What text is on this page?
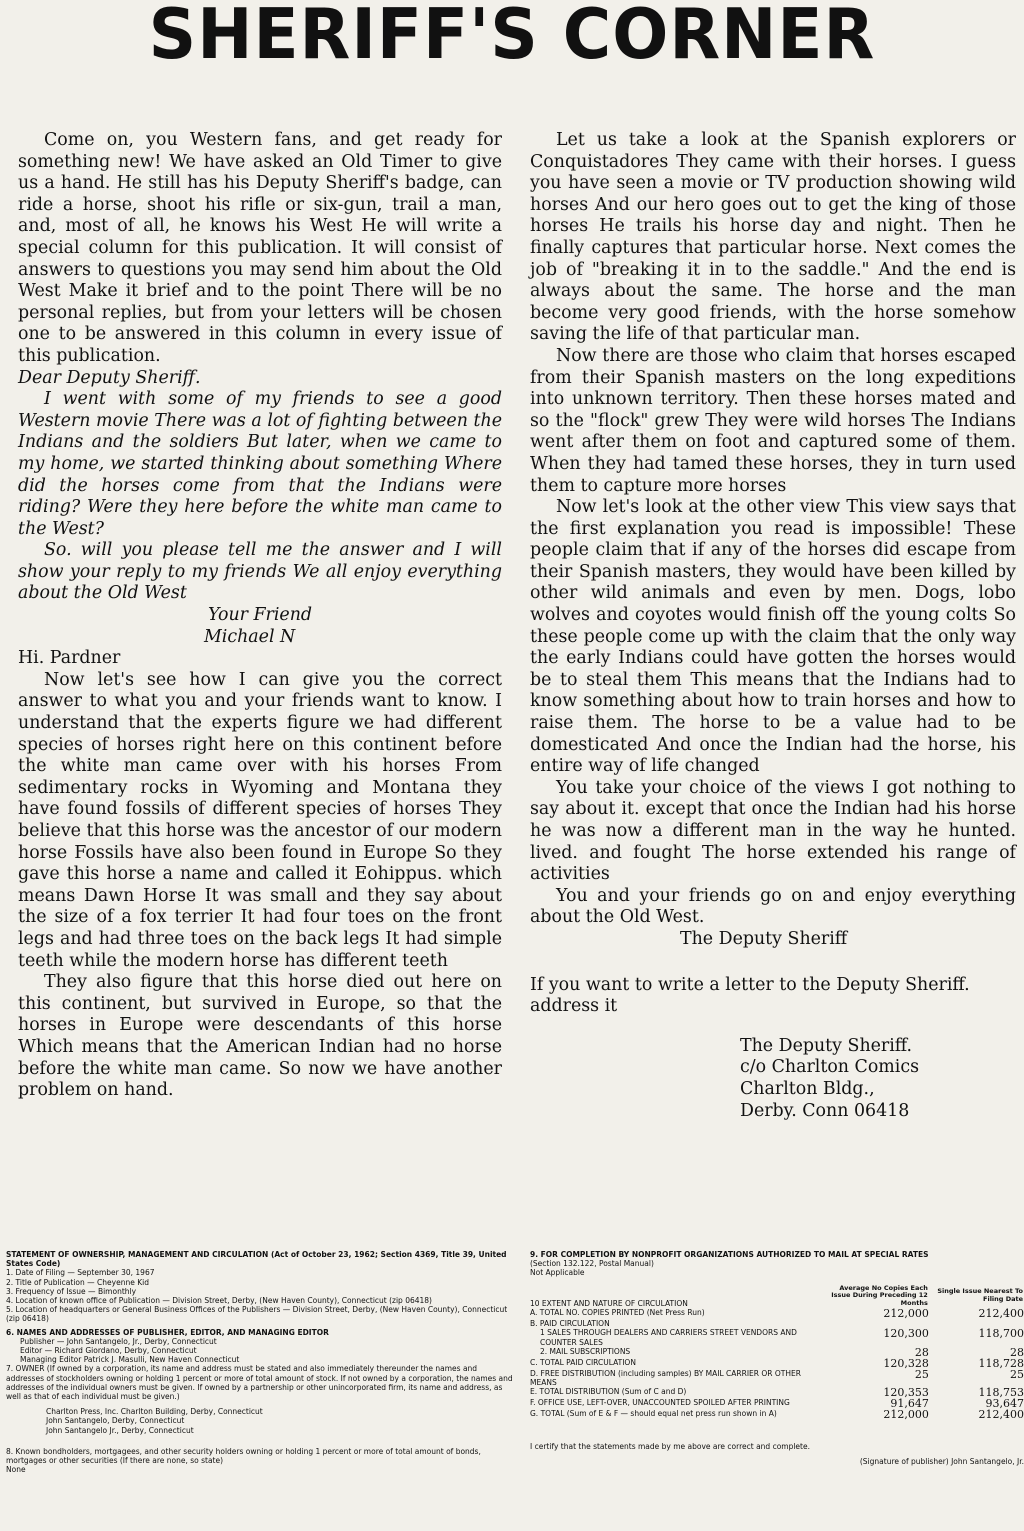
SHERIFF'S CORNER

Come on, you Western fans, and get ready for something new! We have asked an Old Timer to give us a hand. He still has his Deputy Sheriff's badge, can ride a horse, shoot his rifle or six-gun, trail a man, and, most of all, he knows his West He will write a special column for this publication. It will consist of answers to questions you may send him about the Old West Make it brief and to the point There will be no personal replies, but from your letters will be chosen one to be answered in this column in every issue of this publication.

Dear Deputy Sheriff.

I went with some of my friends to see a good Western movie There was a lot of fighting between the Indians and the soldiers But later, when we came to my home, we started thinking about something Where did the horses come from that the Indians were riding? Were they here before the white man came to the West?

So. will you please tell me the answer and I will show your reply to my friends We all enjoy everything about the Old West

Your Friend

Michael N

Hi. Pardner

Now let's see how I can give you the correct answer to what you and your friends want to know. I understand that the experts figure we had different species of horses right here on this continent before the white man came over with his horses From sedimentary rocks in Wyoming and Montana they have found fossils of different species of horses They believe that this horse was the ancestor of our modern horse Fossils have also been found in Europe So they gave this horse a name and called it Eohippus. which means Dawn Horse It was small and they say about the size of a fox terrier It had four toes on the front legs and had three toes on the back legs It had simple teeth while the modern horse has different teeth

They also figure that this horse died out here on this continent, but survived in Europe, so that the horses in Europe were descendants of this horse Which means that the American Indian had no horse before the white man came. So now we have another problem on hand.

Let us take a look at the Spanish explorers or Conquistadores They came with their horses. I guess you have seen a movie or TV production showing wild horses And our hero goes out to get the king of those horses He trails his horse day and night. Then he finally captures that particular horse. Next comes the job of "breaking it in to the saddle." And the end is always about the same. The horse and the man become very good friends, with the horse somehow saving the life of that particular man.

Now there are those who claim that horses escaped from their Spanish masters on the long expeditions into unknown territory. Then these horses mated and so the "flock" grew They were wild horses The Indians went after them on foot and captured some of them. When they had tamed these horses, they in turn used them to capture more horses

Now let's look at the other view This view says that the first explanation you read is impossible! These people claim that if any of the horses did escape from their Spanish masters, they would have been killed by other wild animals and even by men. Dogs, lobo wolves and coyotes would finish off the young colts So these people come up with the claim that the only way the early Indians could have gotten the horses would be to steal them This means that the Indians had to know something about how to train horses and how to raise them. The horse to be a value had to be domesticated And once the Indian had the horse, his entire way of life changed

You take your choice of the views I got nothing to say about it. except that once the Indian had his horse he was now a different man in the way he hunted. lived. and fought The horse extended his range of activities

You and your friends go on and enjoy everything about the Old West.

The Deputy Sheriff

If you want to write a letter to the Deputy Sheriff. address it

The Deputy Sheriff.
c/o Charlton Comics
Charlton Bldg.,
Derby. Conn 06418
STATEMENT OF OWNERSHIP, MANAGEMENT AND CIRCULATION (Act of October 23, 1962; Section 4369, Title 39, United States Code)
1. Date of Filing — September 30, 1967
2. Title of Publication — Cheyenne Kid
3. Frequency of Issue — Bimonthly
4. Location of known office of Publication — Division Street, Derby, (New Haven County), Connecticut (zip 06418)
5. Location of headquarters or General Business Offices of the Publishers — Division Street, Derby, (New Haven County), Connecticut (zip 06418)
6. NAMES AND ADDRESSES OF PUBLISHER, EDITOR, AND MANAGING EDITOR
Publisher — John Santangelo, Jr., Derby, Connecticut
Editor — Richard Giordano, Derby, Connecticut
Managing Editor Patrick J. Masulli, New Haven Connecticut
7. OWNER (If owned by a corporation, its name and address must be stated and also immediately thereunder the names and addresses of stockholders owning or holding 1 percent or more of total amount of stock. If not owned by a corporation, the names and addresses of the individual owners must be given. If owned by a partnership or other unincorporated firm, its name and address, as well as that of each individual must be given.)
Charlton Press, Inc. Charlton Building, Derby, Connecticut
John Santangelo, Derby, Connecticut
John Santangelo Jr., Derby, Connecticut
8. Known bondholders, mortgagees, and other security holders owning or holding 1 percent or more of total amount of bonds, mortgages or other securities (If there are none, so state)
None
9. FOR COMPLETION BY NONPROFIT ORGANIZATIONS AUTHORIZED TO MAIL AT SPECIAL RATES
(Section 132.122, Postal Manual)
Not Applicable
10 EXTENT AND NATURE OF CIRCULATION	Average No Copies Each Issue During Preceding 12 Months	Single Issue Nearest To Filing Date
A. TOTAL NO. COPIES PRINTED (Net Press Run)	212,000	212,400
B. PAID CIRCULATION		
1 SALES THROUGH DEALERS AND CARRIERS STREET VENDORS AND COUNTER SALES	120,300	118,700
2. MAIL SUBSCRIPTIONS	28	28
C. TOTAL PAID CIRCULATION	120,328	118,728
D. FREE DISTRIBUTION (including samples) BY MAIL CARRIER OR OTHER MEANS	25	25
E. TOTAL DISTRIBUTION (Sum of C and D)	120,353	118,753
F. OFFICE USE, LEFT-OVER, UNACCOUNTED SPOILED AFTER PRINTING	91,647	93,647
G. TOTAL (Sum of E & F — should equal net press run shown in A)	212,000	212,400
I certify that the statements made by me above are correct and complete.
(Signature of publisher) John Santangelo, Jr.
